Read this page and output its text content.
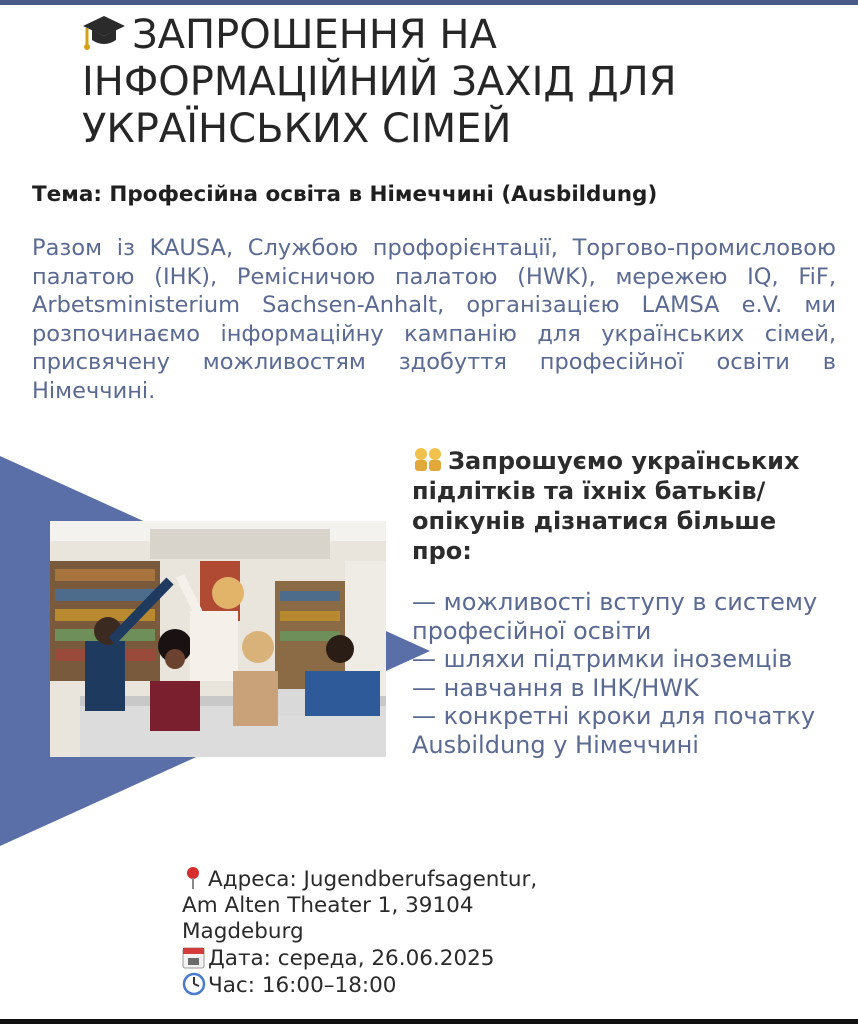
ЗАПРОШЕННЯ НА
ІНФОРМАЦІЙНИЙ ЗАХІД ДЛЯ
УКРАЇНСЬКИХ СІМЕЙ
Тема: Професійна освіта в Німеччині (Ausbildung)

Разом із KAUSA, Службою профорієнтації, Торгово-промисловою палатою (IHK), Ремісничою палатою (HWK), мережею IQ, FiF, Arbetsministerium Sachsen-Anhalt, організацією LAMSA e.V. ми розпочинаємо інформаційну кампанію для українських сімей, присвячену можливостям здобуття професійної освіти в Німеччині.

Запрошуємо українських підлітків та їхніх батьків/опікунів дізнатися більше про:
— можливості вступу в систему професійної освіти
— шляхи підтримки іноземців
— навчання в IHK/HWK
— конкретні кроки для початку Ausbildung у Німеччині
Адреса: Jugendberufsagentur,
Am Alten Theater 1, 39104
Magdeburg
Дата: середа, 26.06.2025
Час: 16:00–18:00
